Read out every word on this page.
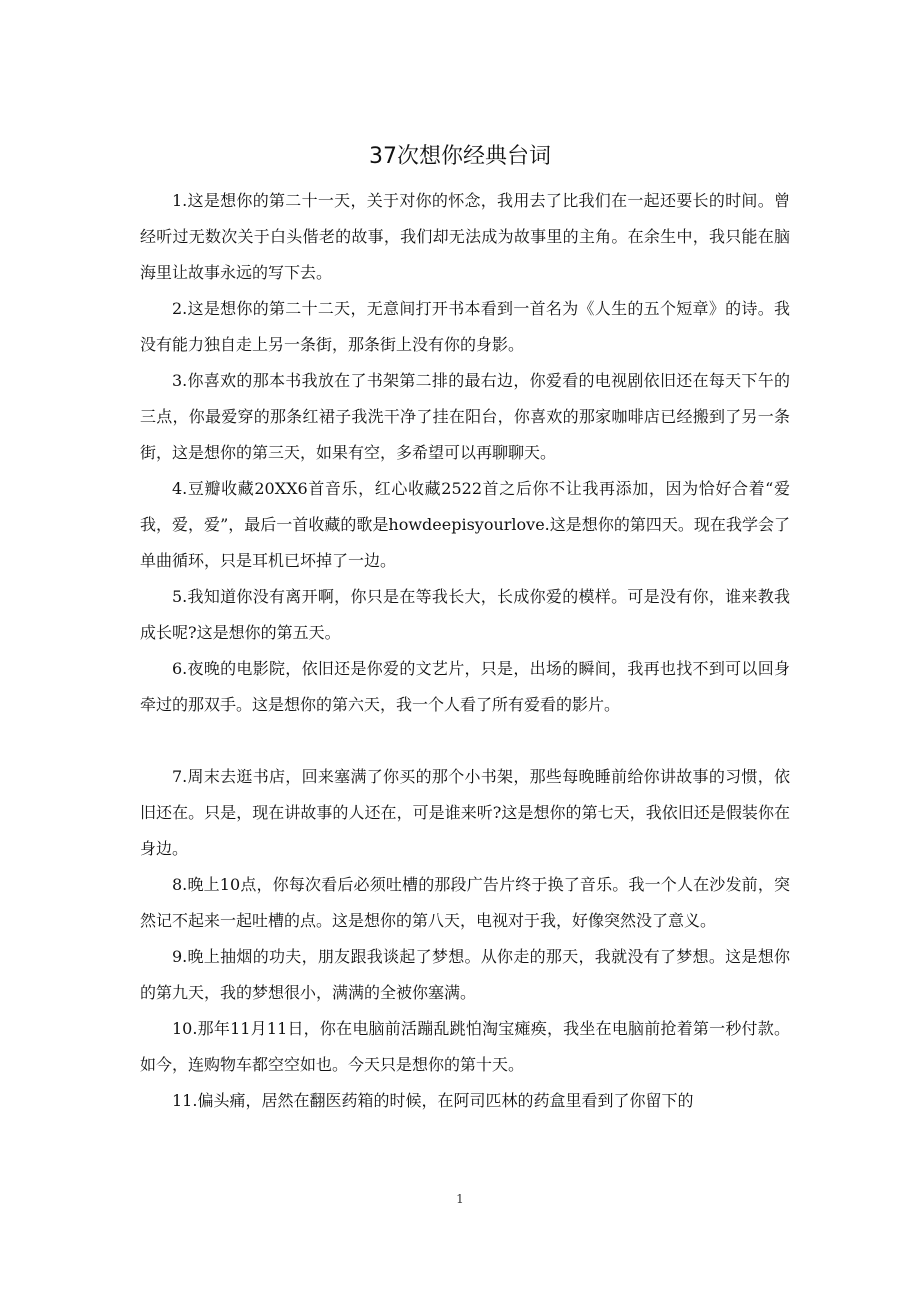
37次想你经典台词

1.这是想你的第二十一天，关于对你的怀念，我用去了比我们在一起还要长的时间。曾经听过无数次关于白头偕老的故事，我们却无法成为故事里的主角。在余生中，我只能在脑海里让故事永远的写下去。

2.这是想你的第二十二天，无意间打开书本看到一首名为《人生的五个短章》的诗。我没有能力独自走上另一条街，那条街上没有你的身影。

3.你喜欢的那本书我放在了书架第二排的最右边，你爱看的电视剧依旧还在每天下午的三点，你最爱穿的那条红裙子我洗干净了挂在阳台，你喜欢的那家咖啡店已经搬到了另一条街，这是想你的第三天，如果有空，多希望可以再聊聊天。

4.豆瓣收藏20XX6首音乐，红心收藏2522首之后你不让我再添加，因为恰好合着“爱我，爱，爱”，最后一首收藏的歌是howdeepisyourlove.这是想你的第四天。现在我学会了单曲循环，只是耳机已坏掉了一边。

5.我知道你没有离开啊，你只是在等我长大，长成你爱的模样。可是没有你，谁来教我成长呢?这是想你的第五天。

6.夜晚的电影院，依旧还是你爱的文艺片，只是，出场的瞬间，我再也找不到可以回身牵过的那双手。这是想你的第六天，我一个人看了所有爱看的影片。

7.周末去逛书店，回来塞满了你买的那个小书架，那些每晚睡前给你讲故事的习惯，依旧还在。只是，现在讲故事的人还在，可是谁来听?这是想你的第七天，我依旧还是假装你在身边。

8.晚上10点，你每次看后必须吐槽的那段广告片终于换了音乐。我一个人在沙发前，突然记不起来一起吐槽的点。这是想你的第八天，电视对于我，好像突然没了意义。

9.晚上抽烟的功夫，朋友跟我谈起了梦想。从你走的那天，我就没有了梦想。这是想你的第九天，我的梦想很小，满满的全被你塞满。

10.那年11月11日，你在电脑前活蹦乱跳怕淘宝瘫痪，我坐在电脑前抢着第一秒付款。如今，连购物车都空空如也。今天只是想你的第十天。

11.偏头痛，居然在翻医药箱的时候，在阿司匹林的药盒里看到了你留下的

1
